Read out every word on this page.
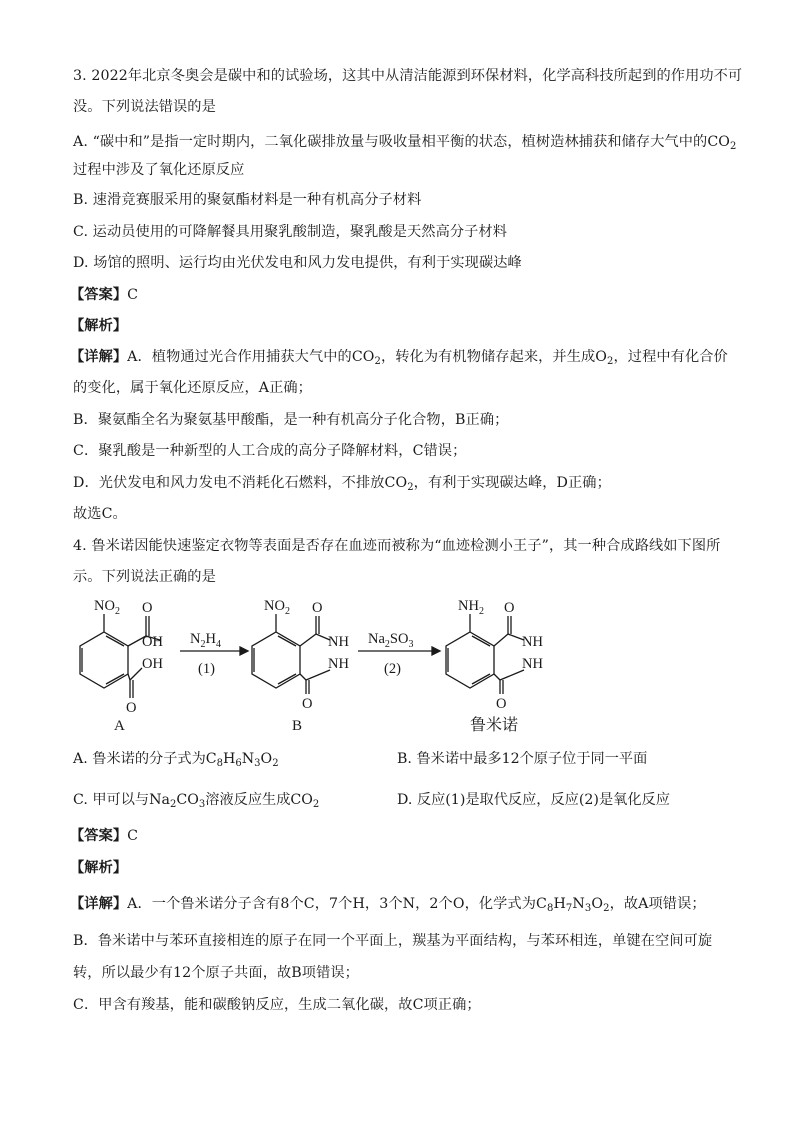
3. 2022年北京冬奥会是碳中和的试验场，这其中从清洁能源到环保材料，化学高科技所起到的作用功不可
没。下列说法错误的是
A. “碳中和”是指一定时期内，二氧化碳排放量与吸收量相平衡的状态，植树造林捕获和储存大气中的$CO_2$
过程中涉及了氧化还原反应
B. 速滑竞赛服采用的聚氨酯材料是一种有机高分子材料
C. 运动员使用的可降解餐具用聚乳酸制造，聚乳酸是天然高分子材料
D. 场馆的照明、运行均由光伏发电和风力发电提供，有利于实现碳达峰
【答案】C
【解析】
【详解】A．植物通过光合作用捕获大气中的$CO_2$，转化为有机物储存起来，并生成$O_2$，过程中有化合价
的变化，属于氧化还原反应，A正确；
B．聚氨酯全名为聚氨基甲酸酯，是一种有机高分子化合物，B正确；
C．聚乳酸是一种新型的人工合成的高分子降解材料，C错误；
D．光伏发电和风力发电不消耗化石燃料，不排放$CO_2$，有利于实现碳达峰，D正确；
故选C。
4. 鲁米诺因能快速鉴定衣物等表面是否存在血迹而被称为“血迹检测小王子”，其一种合成路线如下图所
示。下列说法正确的是
$NO_2$
OH
O
OH
O
$N_2H_4$
(1)
$NO_2$ O
NH
NH
O
$Na_2SO_3$
(2)
$NH_2$ O
NH
NH
O
A	B	鲁米诺
A. 鲁米诺的分子式为$C_8H_6N_3O_2$	B. 鲁米诺中最多12个原子位于同一平面
C. 甲可以与$Na_2CO_3$溶液反应生成$CO_2$	D. 反应(1)是取代反应，反应(2)是氧化反应
【答案】C
【解析】
【详解】A．一个鲁米诺分子含有8个C，7个H，3个N，2个O，化学式为$C_8H_7N_3O_2$，故A项错误；
B．鲁米诺中与苯环直接相连的原子在同一个平面上，羰基为平面结构，与苯环相连，单键在空间可旋
转，所以最少有12个原子共面，故B项错误；
C．甲含有羧基，能和碳酸钠反应，生成二氧化碳，故C项正确；
